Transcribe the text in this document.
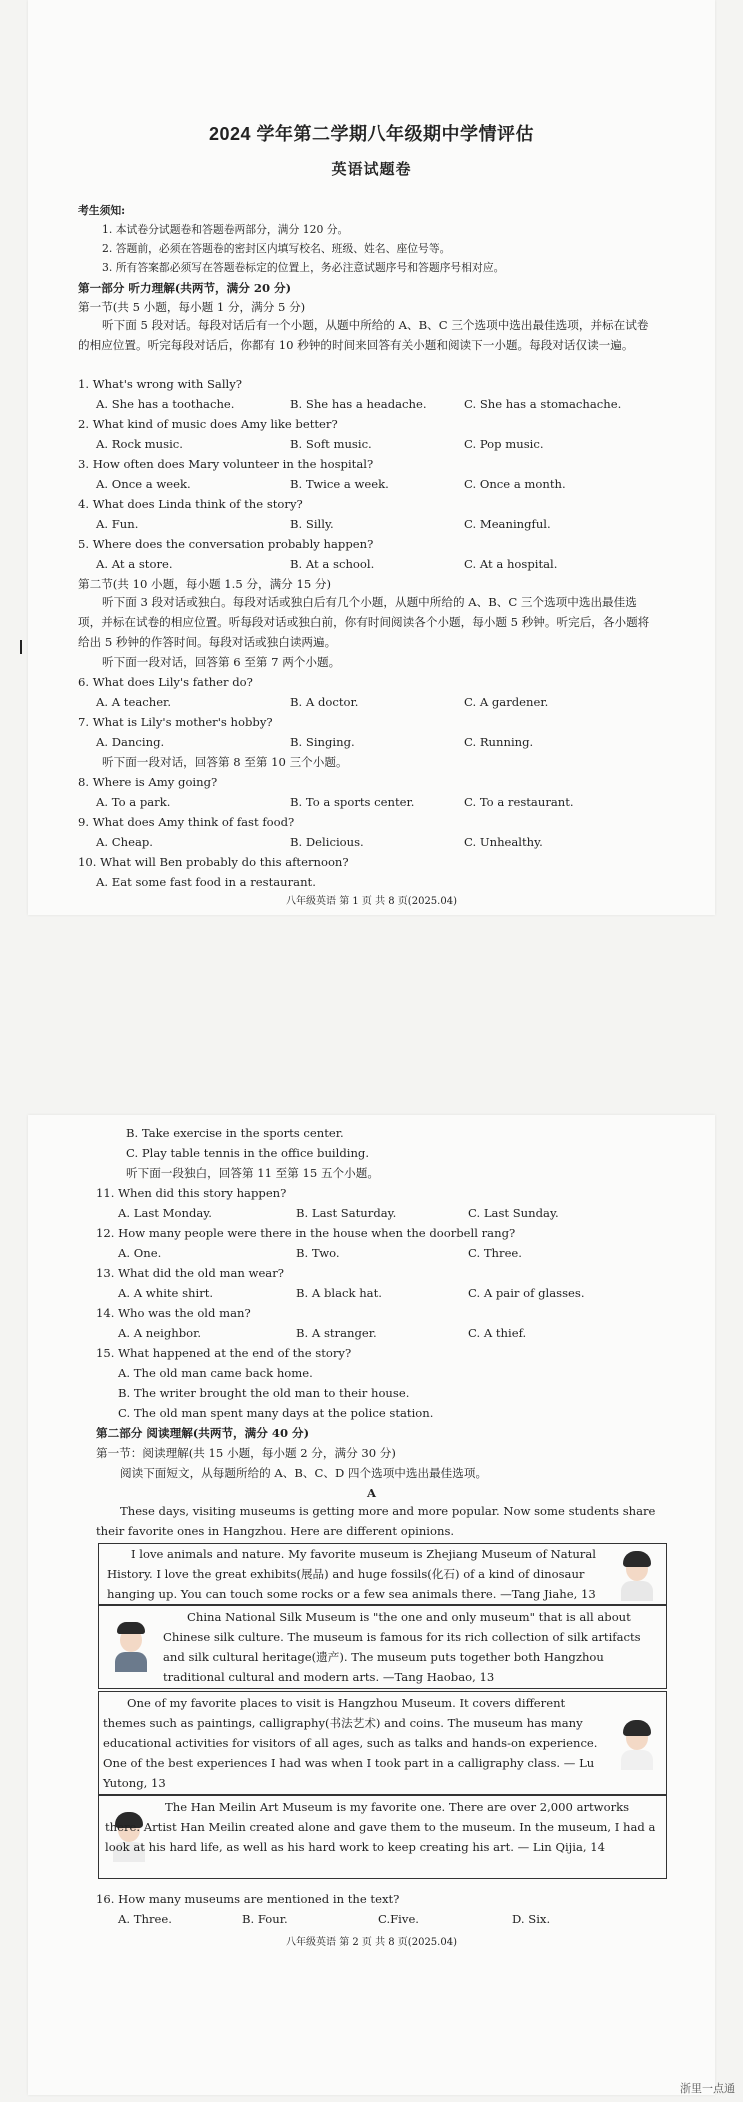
2024 学年第二学期八年级期中学情评估
英语试题卷
考生须知:
1. 本试卷分试题卷和答题卷两部分，满分 120 分。
2. 答题前，必须在答题卷的密封区内填写校名、班级、姓名、座位号等。
3. 所有答案都必须写在答题卷标定的位置上，务必注意试题序号和答题序号相对应。
第一部分 听力理解(共两节，满分 20 分)
第一节(共 5 小题，每小题 1 分，满分 5 分)
听下面 5 段对话。每段对话后有一个小题，从题中所给的 A、B、C 三个选项中选出最佳选项，并标在试卷的相应位置。听完每段对话后，你都有 10 秒钟的时间来回答有关小题和阅读下一小题。每段对话仅读一遍。
1. What's wrong with Sally?
A. She has a toothache.	B. She has a headache.	C. She has a stomachache.
2. What kind of music does Amy like better?
A. Rock music.	B. Soft music.	C. Pop music.
3. How often does Mary volunteer in the hospital?
A. Once a week.	B. Twice a week.	C. Once a month.
4. What does Linda think of the story?
A. Fun.	B. Silly.	C. Meaningful.
5. Where does the conversation probably happen?
A. At a store.	B. At a school.	C. At a hospital.
第二节(共 10 小题，每小题 1.5 分，满分 15 分)
听下面 3 段对话或独白。每段对话或独白后有几个小题，从题中所给的 A、B、C 三个选项中选出最佳选项，并标在试卷的相应位置。听每段对话或独白前，你有时间阅读各个小题，每小题 5 秒钟。听完后，各小题将给出 5 秒钟的作答时间。每段对话或独白读两遍。
听下面一段对话，回答第 6 至第 7 两个小题。
6. What does Lily's father do?
A. A teacher.	B. A doctor.	C. A gardener.
7. What is Lily's mother's hobby?
A. Dancing.	B. Singing.	C. Running.
听下面一段对话，回答第 8 至第 10 三个小题。
8. Where is Amy going?
A. To a park.	B. To a sports center.	C. To a restaurant.
9. What does Amy think of fast food?
A. Cheap.	B. Delicious.	C. Unhealthy.
10. What will Ben probably do this afternoon?
A. Eat some fast food in a restaurant.
八年级英语 第 1 页 共 8 页(2025.04)
B. Take exercise in the sports center.
C. Play table tennis in the office building.
听下面一段独白，回答第 11 至第 15 五个小题。
11. When did this story happen?
A. Last Monday.	B. Last Saturday.	C. Last Sunday.
12. How many people were there in the house when the doorbell rang?
A. One.	B. Two.	C. Three.
13. What did the old man wear?
A. A white shirt.	B. A black hat.	C. A pair of glasses.
14. Who was the old man?
A. A neighbor.	B. A stranger.	C. A thief.
15. What happened at the end of the story?
A. The old man came back home.
B. The writer brought the old man to their house.
C. The old man spent many days at the police station.
第二部分 阅读理解(共两节，满分 40 分)
第一节：阅读理解(共 15 小题，每小题 2 分，满分 30 分)
阅读下面短文，从每题所给的 A、B、C、D 四个选项中选出最佳选项。
A
These days, visiting museums is getting more and more popular. Now some students share their favorite ones in Hangzhou. Here are different opinions.
I love animals and nature. My favorite museum is Zhejiang Museum of Natural History. I love the great exhibits(展品) and huge fossils(化石) of a kind of dinosaur hanging up. You can touch some rocks or a few sea animals there. —Tang Jiahe, 13
China National Silk Museum is "the one and only museum" that is all about Chinese silk culture. The museum is famous for its rich collection of silk artifacts and silk cultural heritage(遗产). The museum puts together both Hangzhou traditional cultural and modern arts. —Tang Haobao, 13
One of my favorite places to visit is Hangzhou Museum. It covers different themes such as paintings, calligraphy(书法艺术) and coins. The museum has many educational activities for visitors of all ages, such as talks and hands-on experience. One of the best experiences I had was when I took part in a calligraphy class. — Lu Yutong, 13
The Han Meilin Art Museum is my favorite one. There are over 2,000 artworks there. Artist Han Meilin created alone and gave them to the museum. In the museum, I had a look at his hard life, as well as his hard work to keep creating his art. — Lin Qijia, 14
16. How many museums are mentioned in the text?
A. Three.	B. Four.	C.Five.	D. Six.
八年级英语 第 2 页 共 8 页(2025.04)
浙里一点通
